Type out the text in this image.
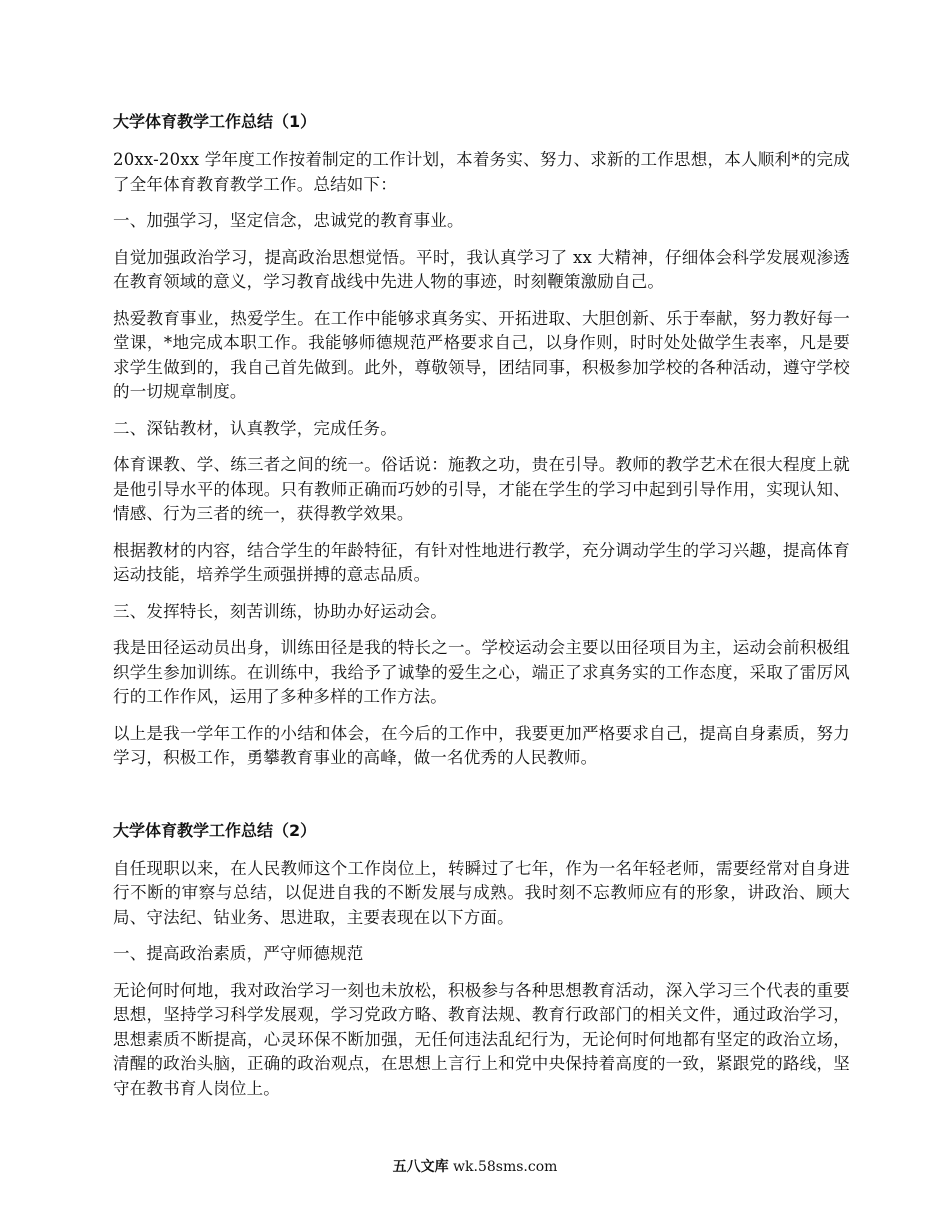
大学体育教学工作总结（1）

20xx-20xx 学年度工作按着制定的工作计划，本着务实、努力、求新的工作思想，本人顺利*的完成了全年体育教育教学工作。总结如下：

一、加强学习，坚定信念，忠诚党的教育事业。

自觉加强政治学习，提高政治思想觉悟。平时，我认真学习了 xx 大精神，仔细体会科学发展观渗透在教育领域的意义，学习教育战线中先进人物的事迹，时刻鞭策激励自己。

热爱教育事业，热爱学生。在工作中能够求真务实、开拓进取、大胆创新、乐于奉献，努力教好每一堂课，*地完成本职工作。我能够师德规范严格要求自己，以身作则，时时处处做学生表率，凡是要求学生做到的，我自己首先做到。此外，尊敬领导，团结同事，积极参加学校的各种活动，遵守学校的一切规章制度。

二、深钻教材，认真教学，完成任务。

体育课教、学、练三者之间的统一。俗话说：施教之功，贵在引导。教师的教学艺术在很大程度上就是他引导水平的体现。只有教师正确而巧妙的引导，才能在学生的学习中起到引导作用，实现认知、情感、行为三者的统一，获得教学效果。

根据教材的内容，结合学生的年龄特征，有针对性地进行教学，充分调动学生的学习兴趣，提高体育运动技能，培养学生顽强拼搏的意志品质。

三、发挥特长，刻苦训练，协助办好运动会。

我是田径运动员出身，训练田径是我的特长之一。学校运动会主要以田径项目为主，运动会前积极组织学生参加训练。在训练中，我给予了诚挚的爱生之心，端正了求真务实的工作态度，采取了雷厉风行的工作作风，运用了多种多样的工作方法。

以上是我一学年工作的小结和体会，在今后的工作中，我要更加严格要求自己，提高自身素质，努力学习，积极工作，勇攀教育事业的高峰，做一名优秀的人民教师。

大学体育教学工作总结（2）

自任现职以来，在人民教师这个工作岗位上，转瞬过了七年，作为一名年轻老师，需要经常对自身进行不断的审察与总结，以促进自我的不断发展与成熟。我时刻不忘教师应有的形象，讲政治、顾大局、守法纪、钻业务、思进取，主要表现在以下方面。

一、提高政治素质，严守师德规范

无论何时何地，我对政治学习一刻也未放松，积极参与各种思想教育活动，深入学习三个代表的重要思想，坚持学习科学发展观，学习党政方略、教育法规、教育行政部门的相关文件，通过政治学习，思想素质不断提高，心灵环保不断加强，无任何违法乱纪行为，无论何时何地都有坚定的政治立场，清醒的政治头脑，正确的政治观点，在思想上言行上和党中央保持着高度的一致，紧跟党的路线，坚守在教书育人岗位上。

五八文库 wk.58sms.com
